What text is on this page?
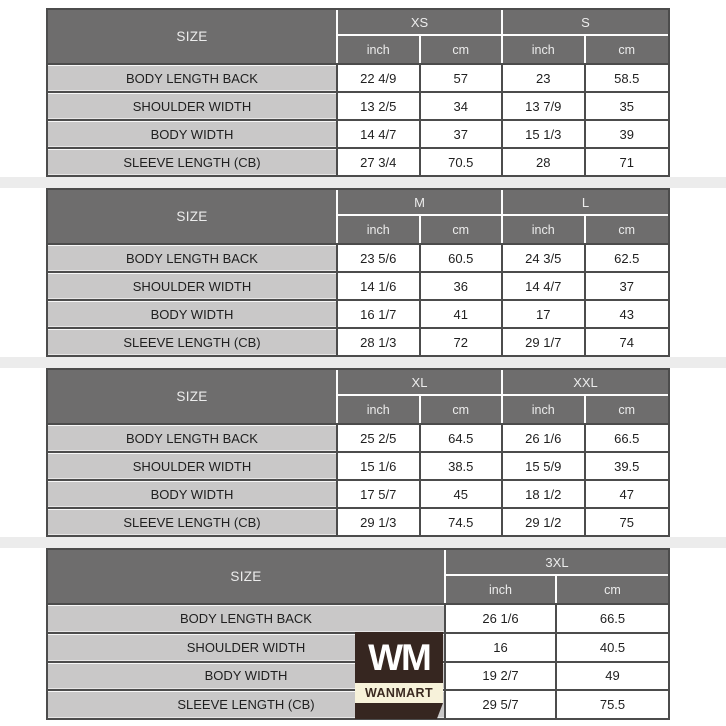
SIZE
XS	S
inch	cm	inch	cm
BODY LENGTH BACK	22 4/9	57	23	58.5
SHOULDER WIDTH	13 2/5	34	13 7/9	35
BODY WIDTH	14 4/7	37	15 1/3	39
SLEEVE LENGTH (CB)	27 3/4	70.5	28	71
SIZE
M	L
inch	cm	inch	cm
BODY LENGTH BACK	23 5/6	60.5	24 3/5	62.5
SHOULDER WIDTH	14 1/6	36	14 4/7	37
BODY WIDTH	16 1/7	41	17	43
SLEEVE LENGTH (CB)	28 1/3	72	29 1/7	74
SIZE
XL	XXL
inch	cm	inch	cm
BODY LENGTH BACK	25 2/5	64.5	26 1/6	66.5
SHOULDER WIDTH	15 1/6	38.5	15 5/9	39.5
BODY WIDTH	17 5/7	45	18 1/2	47
SLEEVE LENGTH (CB)	29 1/3	74.5	29 1/2	75
SIZE
3XL
inch	cm
BODY LENGTH BACK	26 1/6	66.5
SHOULDER WIDTH	16	40.5
BODY WIDTH	19 2/7	49
SLEEVE LENGTH (CB)	29 5/7	75.5
WM
WANMART
